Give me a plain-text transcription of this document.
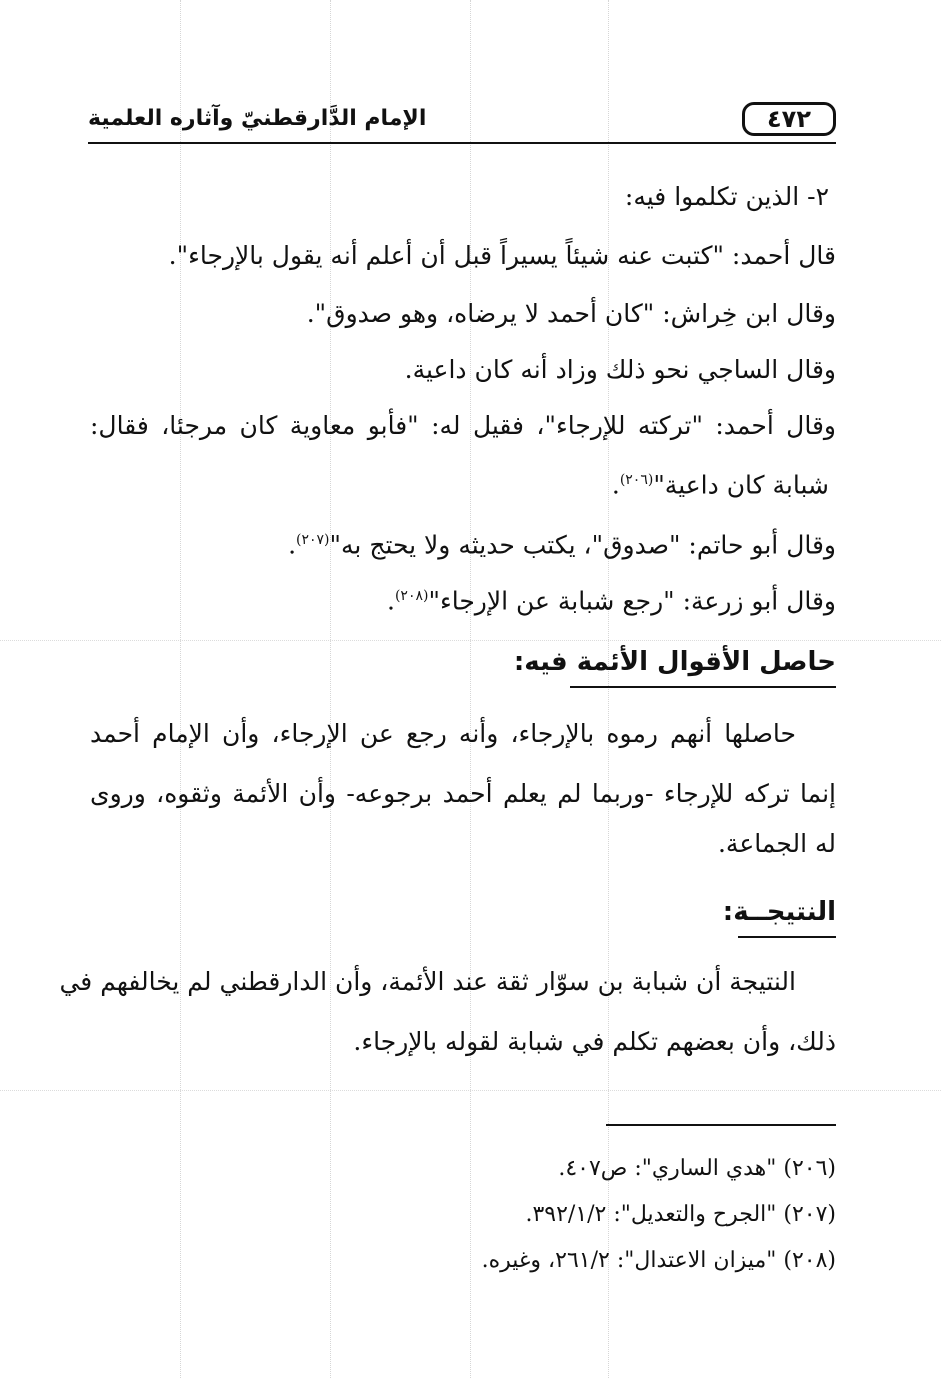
٤٧٢
الإمام الدَّارقطنيّ وآثاره العلمية
٢- الذين تكلموا فيه:
قال أحمد: "كتبت عنه شيئاً يسيراً قبل أن أعلم أنه يقول بالإرجاء".
وقال ابن خِراش: "كان أحمد لا يرضاه، وهو صدوق".
وقال الساجي نحو ذلك وزاد أنه كان داعية.
وقال أحمد: "تركته للإرجاء"، فقيل له: "فأبو معاوية كان مرجئا، فقال:
شبابة كان داعية"$^{(٢٠٦)}$.
وقال أبو حاتم: "صدوق"، يكتب حديثه ولا يحتج به"$^{(٢٠٧)}$.
وقال أبو زرعة: "رجع شبابة عن الإرجاء"$^{(٢٠٨)}$.
حاصل الأقوال الأئمة فيه:
حاصلها أنهم رموه بالإرجاء، وأنه رجع عن الإرجاء، وأن الإمام أحمد
إنما تركه للإرجاء -وربما لم يعلم أحمد برجوعه- وأن الأئمة وثقوه، وروى
له الجماعة.
النتيجــة:
النتيجة أن شبابة بن سوّار ثقة عند الأئمة، وأن الدارقطني لم يخالفهم في
ذلك، وأن بعضهم تكلم في شبابة لقوله بالإرجاء.
(٢٠٦) "هدي الساري": ص٤٠٧.
(٢٠٧) "الجرح والتعديل": ٣٩٢/١/٢.
(٢٠٨) "ميزان الاعتدال": ٢٦١/٢، وغيره.
